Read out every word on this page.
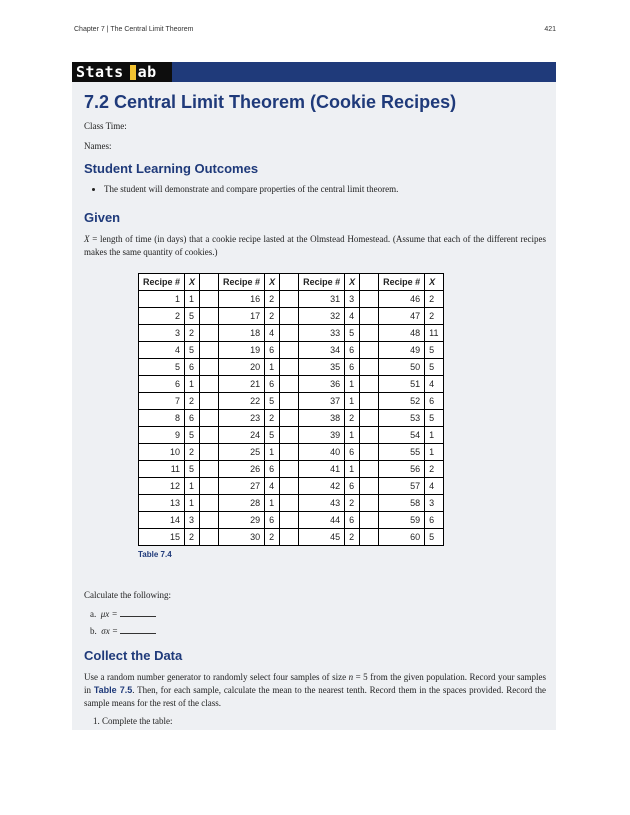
Chapter 7 | The Central Limit Theorem	421
Stats ab
7.2 Central Limit Theorem (Cookie Recipes)
Class Time:
Names:
Student Learning Outcomes
• The student will demonstrate and compare properties of the central limit theorem.
Given

X = length of time (in days) that a cookie recipe lasted at the Olmstead Homestead. (Assume that each of the different recipes makes the same quantity of cookies.)

Recipe #	X		Recipe #	X		Recipe #	X		Recipe #	X
1	1		16	2		31	3		46	2
2	5		17	2		32	4		47	2
3	2		18	4		33	5		48	11
4	5		19	6		34	6		49	5
5	6		20	1		35	6		50	5
6	1		21	6		36	1		51	4
7	2		22	5		37	1		52	6
8	6		23	2		38	2		53	5
9	5		24	5		39	1		54	1
10	2		25	1		40	6		55	1
11	5		26	6		41	1		56	2
12	1		27	4		42	6		57	4
13	1		28	1		43	2		58	3
14	3		29	6		44	6		59	6
15	2		30	2		45	2		60	5
Table 7.4

Calculate the following:

a. μx =
b. σx =
Collect the Data

Use a random number generator to randomly select four samples of size n = 5 from the given population. Record your samples in Table 7.5. Then, for each sample, calculate the mean to the nearest tenth. Record them in the spaces provided. Record the sample means for the rest of the class.

1. Complete the table:
